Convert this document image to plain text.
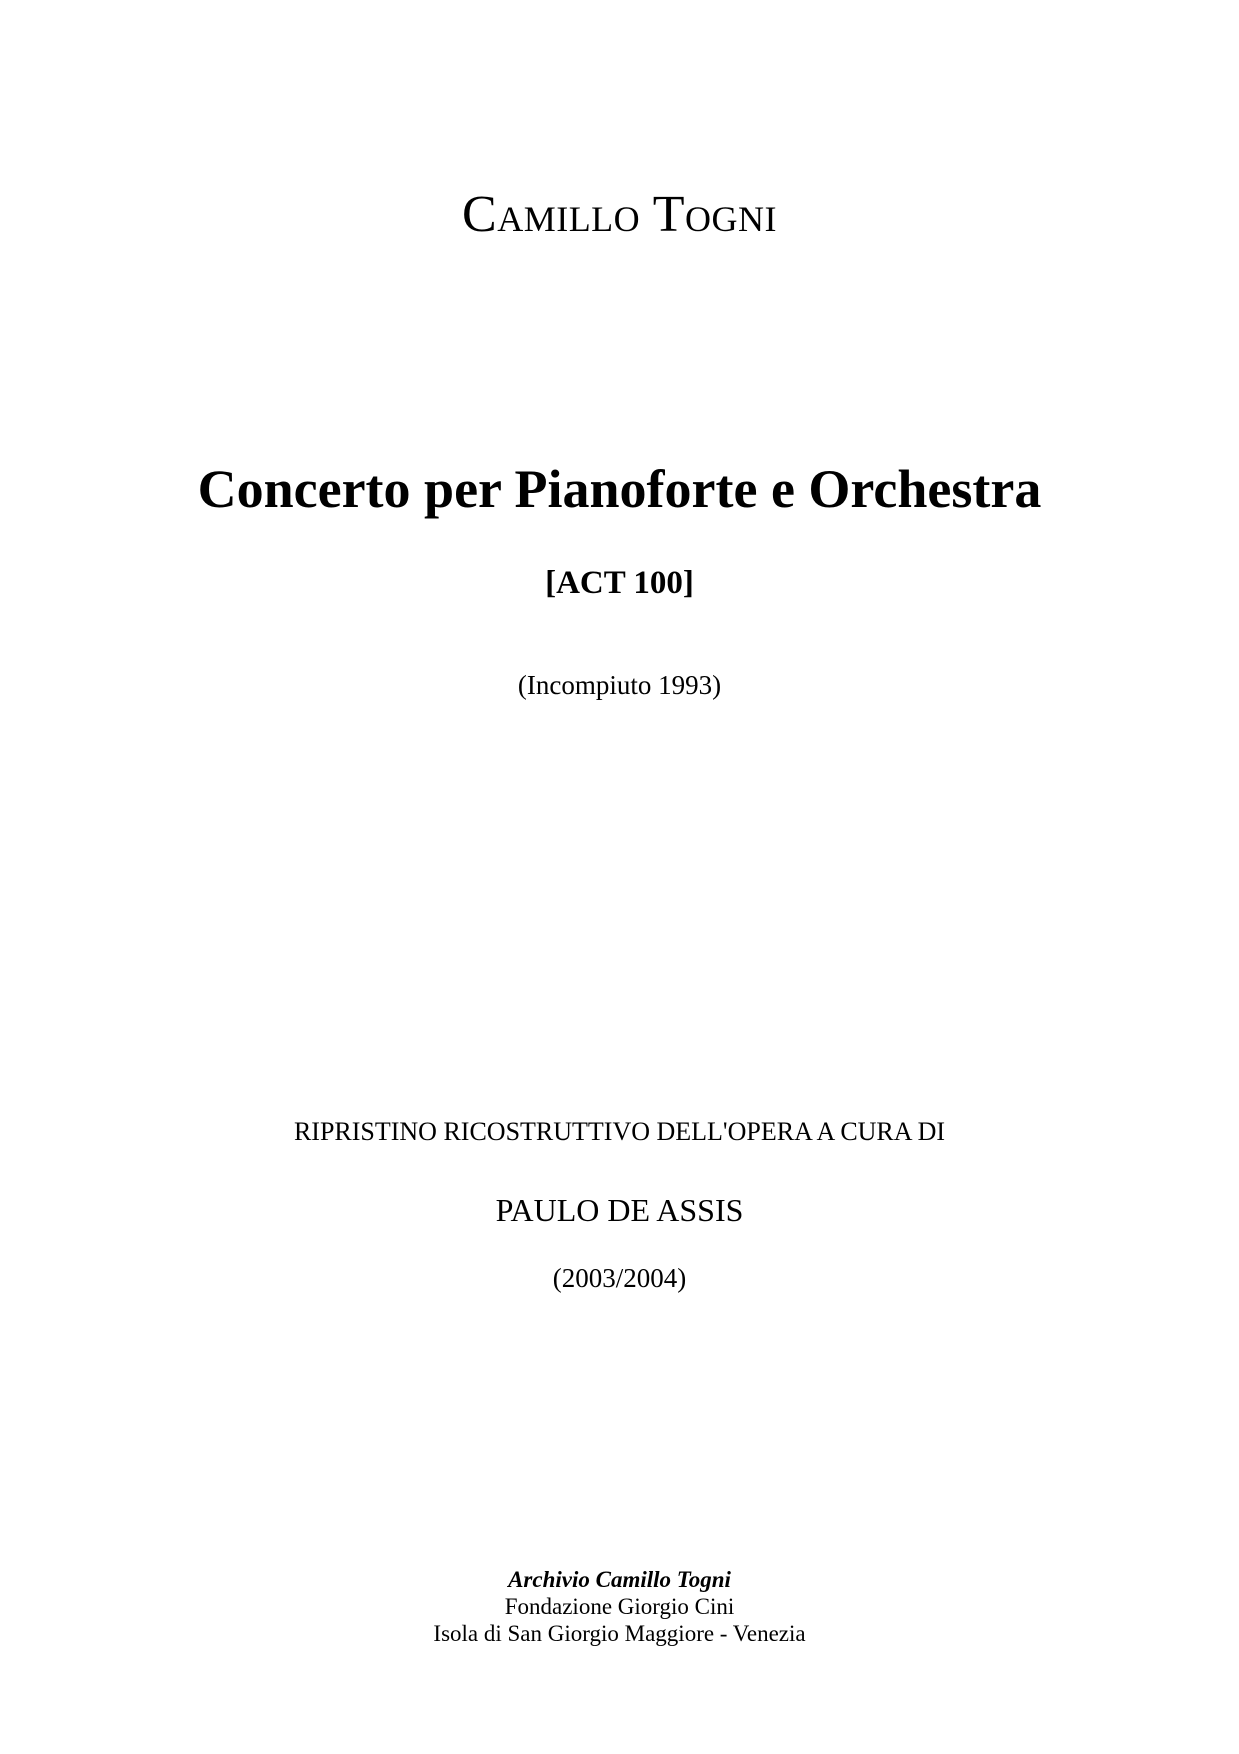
Camillo Togni
Concerto per Pianoforte e Orchestra
[ACT 100]
(Incompiuto 1993)
RIPRISTINO RICOSTRUTTIVO DELL'OPERA A CURA DI
PAULO DE ASSIS
(2003/2004)
Archivio Camillo Togni
Fondazione Giorgio Cini
Isola di San Giorgio Maggiore - Venezia
